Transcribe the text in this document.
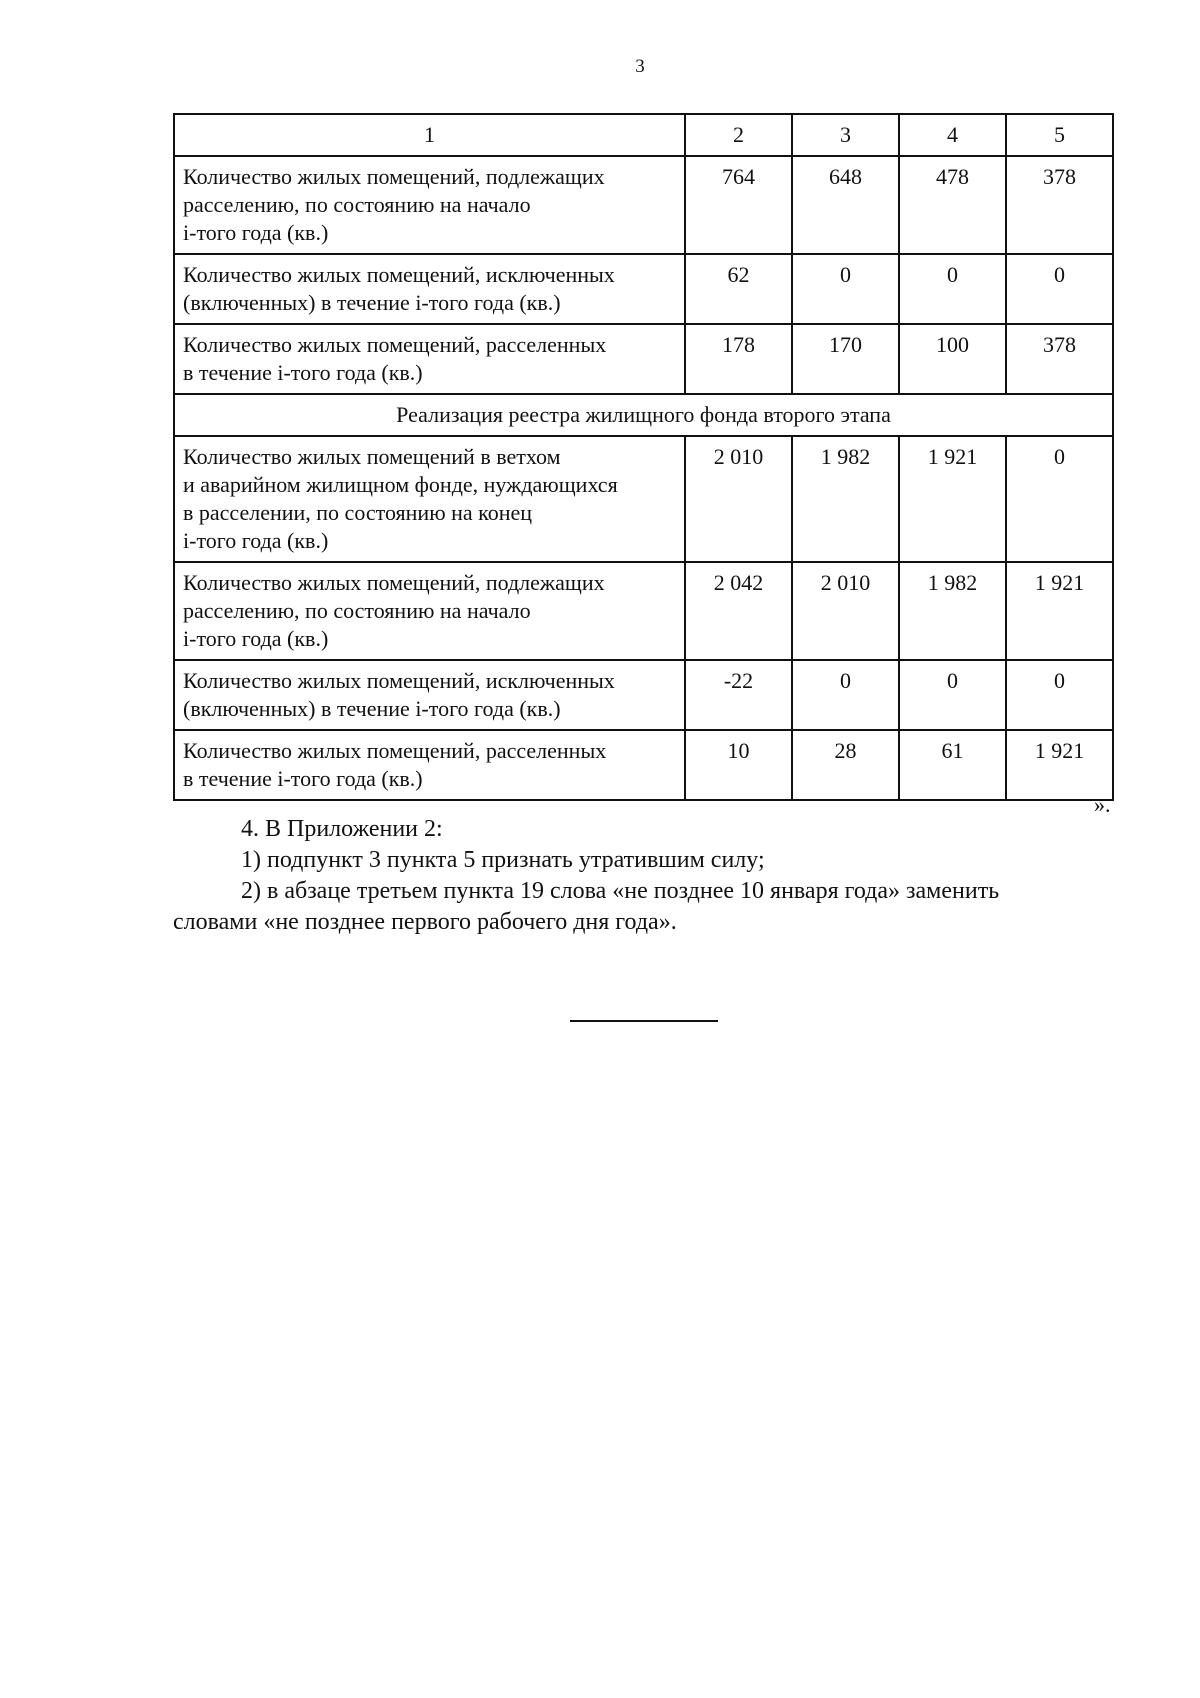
3
1	2	3	4	5
Количество жилых помещений, подлежащих
расселению, по состоянию на начало
i-того года (кв.)	764	648	478	378
Количество жилых помещений, исключенных
(включенных) в течение i-того года (кв.)	62	0	0	0
Количество жилых помещений, расселенных
в течение i-того года (кв.)	178	170	100	378
Реализация реестра жилищного фонда второго этапа				
Количество жилых помещений в ветхом
и аварийном жилищном фонде, нуждающихся
в расселении, по состоянию на конец
i-того года (кв.)	2 010	1 982	1 921	0
Количество жилых помещений, подлежащих
расселению, по состоянию на начало
i-того года (кв.)	2 042	2 010	1 982	1 921
Количество жилых помещений, исключенных
(включенных) в течение i-того года (кв.)	-22	0	0	0
Количество жилых помещений, расселенных
в течение i-того года (кв.)	10	28	61	1 921
».

4. В Приложении 2:

1) подпункт 3 пункта 5 признать утратившим силу;

2) в абзаце третьем пункта 19 слова «не позднее 10 января года» заменить

словами «не позднее первого рабочего дня года».
